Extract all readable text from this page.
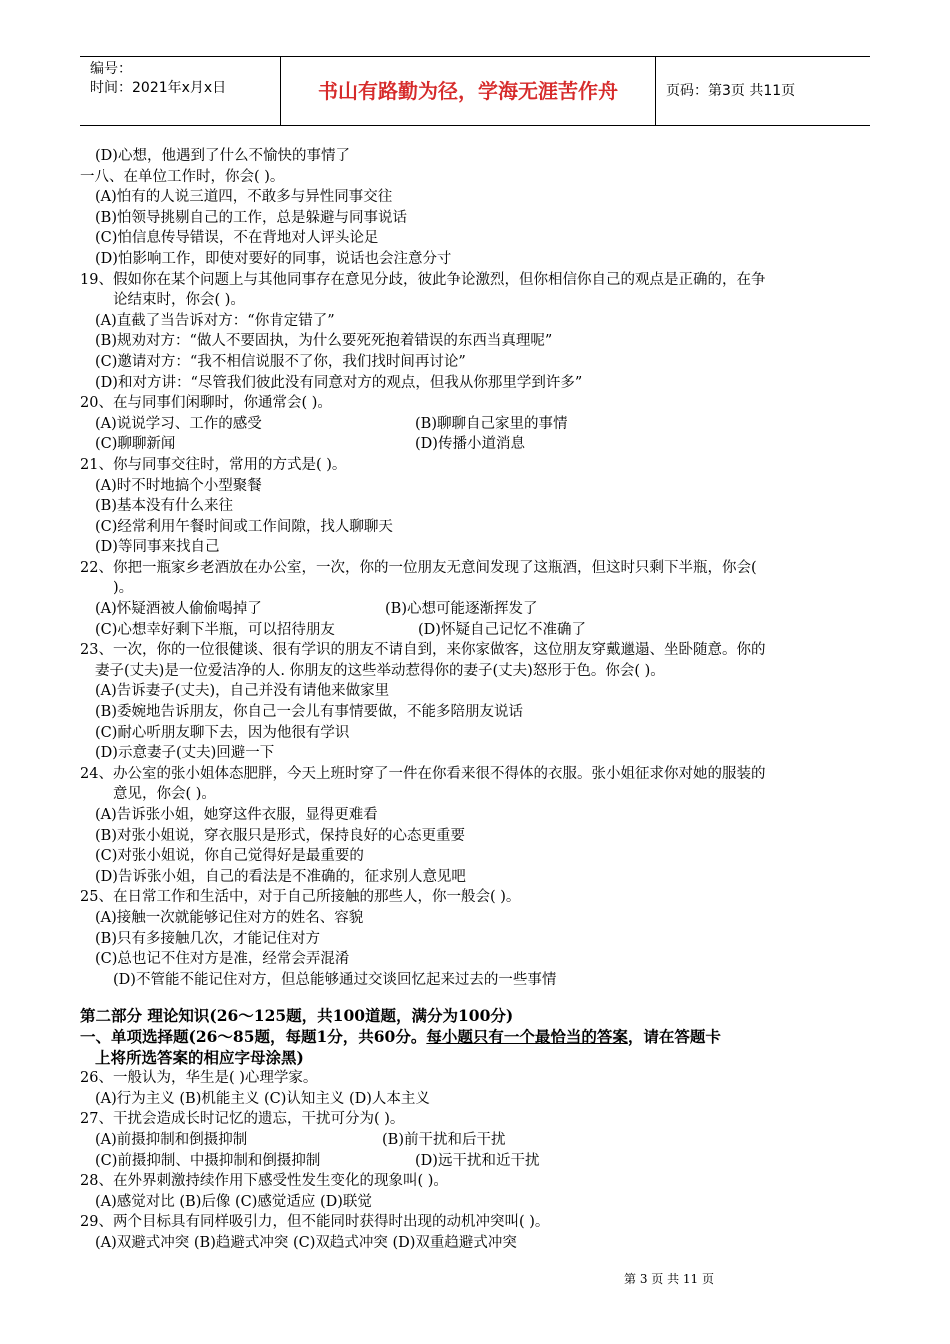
编号：
时间：2021年x月x日	书山有路勤为径，学海无涯苦作舟	页码：第3页 共11页
(D)心想，他遇到了什么不愉快的事情了
一八、在单位工作时，你会( )。
(A)怕有的人说三道四，不敢多与异性同事交往
(B)怕领导挑剔自己的工作，总是躲避与同事说话
(C)怕信息传导错误，不在背地对人评头论足
(D)怕影响工作，即使对要好的同事，说话也会注意分寸
19、假如你在某个问题上与其他同事存在意见分歧，彼此争论激烈，但你相信你自己的观点是正确的，在争
论结束时，你会( )。
(A)直截了当告诉对方：“你肯定错了”
(B)规劝对方：“做人不要固执，为什么要死死抱着错误的东西当真理呢”
(C)邀请对方：“我不相信说服不了你，我们找时间再讨论”
(D)和对方讲：“尽管我们彼此没有同意对方的观点，但我从你那里学到许多”
20、在与同事们闲聊时，你通常会( )。
(A)说说学习、工作的感受	(B)聊聊自己家里的事情
(C)聊聊新闻	(D)传播小道消息
21、你与同事交往时，常用的方式是( )。
(A)时不时地搞个小型聚餐
(B)基本没有什么来往
(C)经常利用午餐时间或工作间隙，找人聊聊天
(D)等同事来找自己
22、你把一瓶家乡老酒放在办公室，一次，你的一位朋友无意间发现了这瓶酒，但这时只剩下半瓶，你会(
)。
(A)怀疑酒被人偷偷喝掉了	(B)心想可能逐渐挥发了
(C)心想幸好剩下半瓶，可以招待朋友	(D)怀疑自己记忆不准确了
23、一次，你的一位很健谈、很有学识的朋友不请自到，来你家做客，这位朋友穿戴邋遢、坐卧随意。你的
妻子(丈夫)是一位爱洁净的人. 你朋友的这些举动惹得你的妻子(丈夫)怒形于色。你会( )。
(A)告诉妻子(丈夫)，自己并没有请他来做家里
(B)委婉地告诉朋友，你自己一会儿有事情要做，不能多陪朋友说话
(C)耐心听朋友聊下去，因为他很有学识
(D)示意妻子(丈夫)回避一下
24、办公室的张小姐体态肥胖，今天上班时穿了一件在你看来很不得体的衣服。张小姐征求你对她的服装的
意见，你会( )。
(A)告诉张小姐，她穿这件衣服，显得更难看
(B)对张小姐说，穿衣服只是形式，保持良好的心态更重要
(C)对张小姐说，你自己觉得好是最重要的
(D)告诉张小姐，自己的看法是不准确的，征求别人意见吧
25、在日常工作和生活中，对于自己所接触的那些人，你一般会( )。
(A)接触一次就能够记住对方的姓名、容貌
(B)只有多接触几次，才能记住对方
(C)总也记不住对方是准，经常会弄混淆
(D)不管能不能记住对方，但总能够通过交谈回忆起来过去的一些事情
第二部分 理论知识(26～125题，共100道题，满分为100分)
一、单项选择题(26～85题，每题1分，共60分。每小题只有一个最恰当的答案，请在答题卡
上将所选答案的相应字母涂黑)
26、一般认为，华生是( )心理学家。
(A)行为主义 (B)机能主义 (C)认知主义 (D)人本主义
27、干扰会造成长时记忆的遗忘，干扰可分为( )。
(A)前摄抑制和倒摄抑制	(B)前干扰和后干扰
(C)前摄抑制、中摄抑制和倒摄抑制	(D)远干扰和近干扰
28、在外界刺激持续作用下感受性发生变化的现象叫( )。
(A)感觉对比 (B)后像 (C)感觉适应 (D)联觉
29、两个目标具有同样吸引力，但不能同时获得时出现的动机冲突叫( )。
(A)双避式冲突 (B)趋避式冲突 (C)双趋式冲突 (D)双重趋避式冲突
第 3 页 共 11 页
